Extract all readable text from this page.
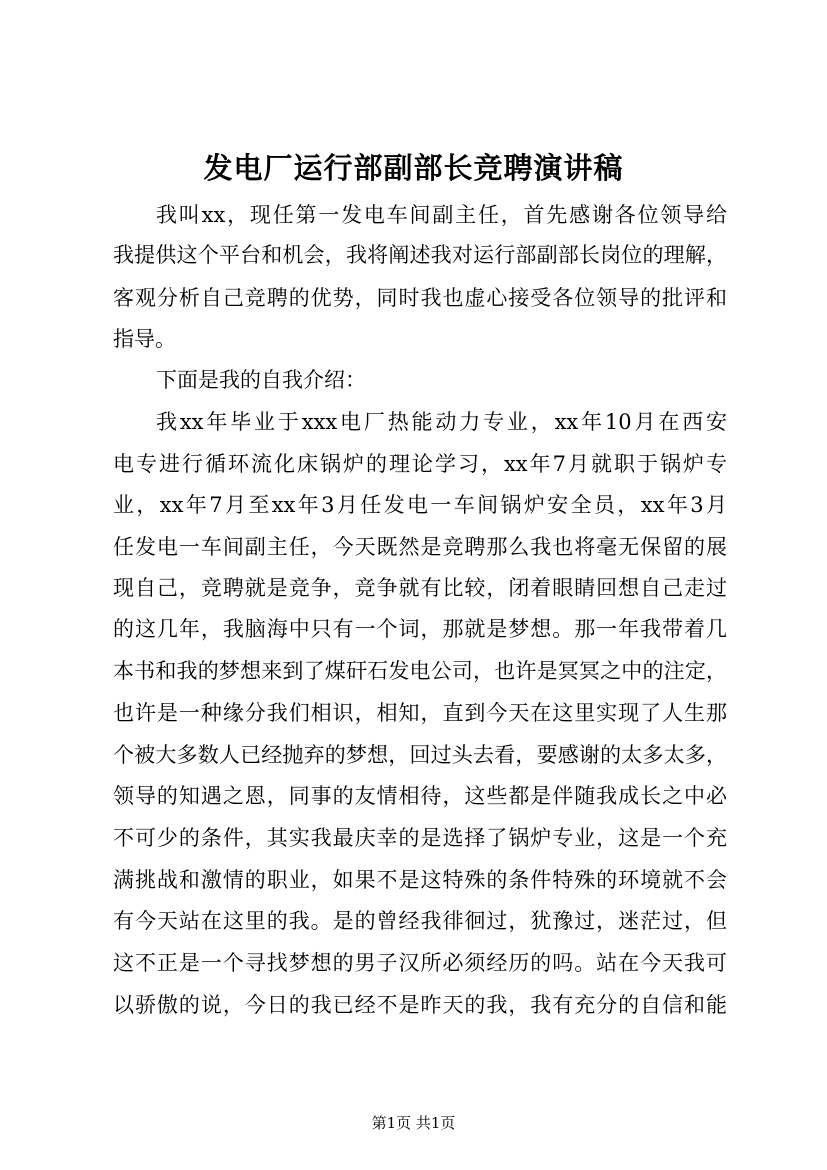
发电厂运行部副部长竞聘演讲稿

我叫xx，现任第一发电车间副主任，首先感谢各位领导给

我提供这个平台和机会，我将阐述我对运行部副部长岗位的理解，

客观分析自己竞聘的优势，同时我也虚心接受各位领导的批评和

指导。

下面是我的自我介绍：

我xx年毕业于xxx电厂热能动力专业，xx年10月在西安

电专进行循环流化床锅炉的理论学习，xx年7月就职于锅炉专

业，xx年7月至xx年3月任发电一车间锅炉安全员，xx年3月

任发电一车间副主任，今天既然是竞聘那么我也将毫无保留的展

现自己，竞聘就是竞争，竞争就有比较，闭着眼睛回想自己走过

的这几年，我脑海中只有一个词，那就是梦想。那一年我带着几

本书和我的梦想来到了煤矸石发电公司，也许是冥冥之中的注定，

也许是一种缘分我们相识，相知，直到今天在这里实现了人生那

个被大多数人已经抛弃的梦想，回过头去看，要感谢的太多太多，

领导的知遇之恩，同事的友情相待，这些都是伴随我成长之中必

不可少的条件，其实我最庆幸的是选择了锅炉专业，这是一个充

满挑战和激情的职业，如果不是这特殊的条件特殊的环境就不会

有今天站在这里的我。是的曾经我徘徊过，犹豫过，迷茫过，但

这不正是一个寻找梦想的男子汉所必须经历的吗。站在今天我可

以骄傲的说，今日的我已经不是昨天的我，我有充分的自信和能

第1页 共1页
